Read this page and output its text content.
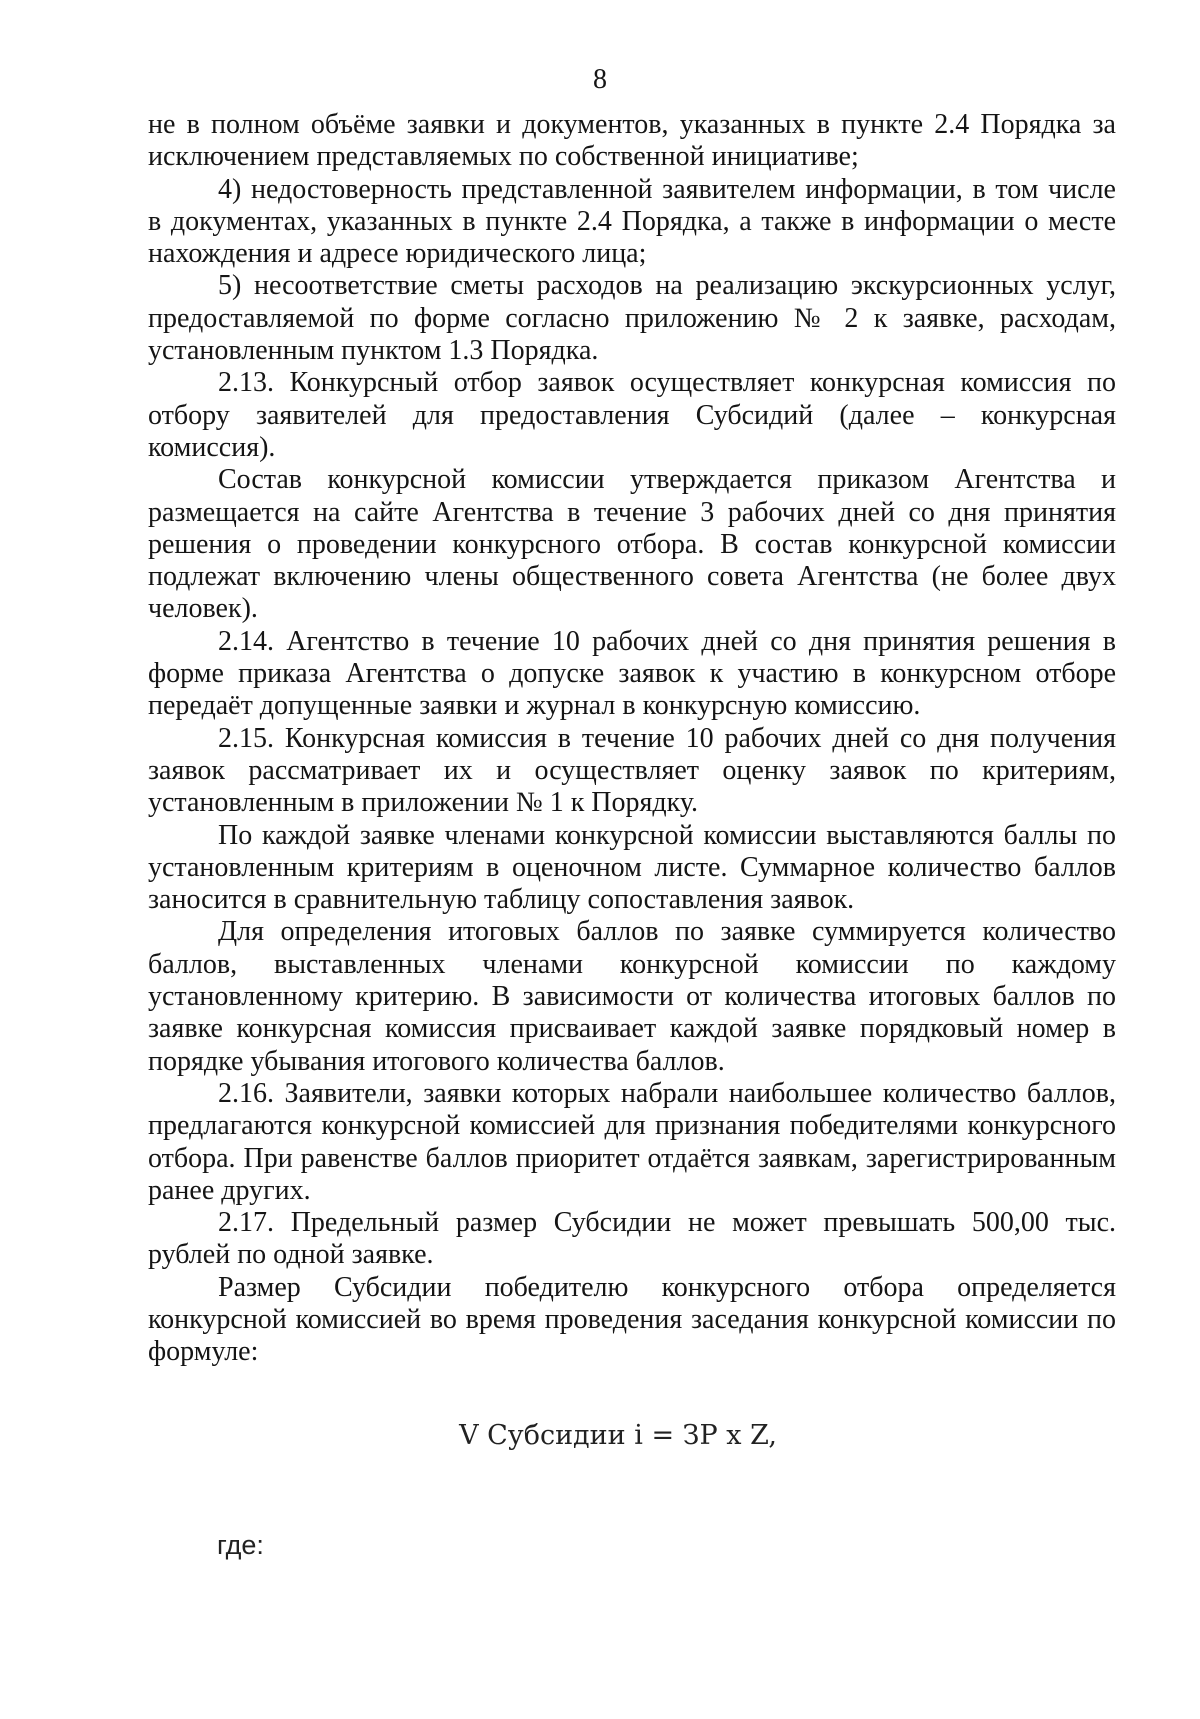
8

не в полном объёме заявки и документов, указанных в пункте 2.4 Порядка за исключением представляемых по собственной инициативе;

4) недостоверность представленной заявителем информации, в том числе в документах, указанных в пункте 2.4 Порядка, а также в информации о месте нахождения и адресе юридического лица;

5) несоответствие сметы расходов на реализацию экскурсионных услуг, предоставляемой по форме согласно приложению № 2 к заявке, расходам, установленным пунктом 1.3 Порядка.

2.13. Конкурсный отбор заявок осуществляет конкурсная комиссия по отбору заявителей для предоставления Субсидий (далее – конкурсная комиссия).

Состав конкурсной комиссии утверждается приказом Агентства и размещается на сайте Агентства в течение 3 рабочих дней со дня принятия решения о проведении конкурсного отбора. В состав конкурсной комиссии подлежат включению члены общественного совета Агентства (не более двух человек).

2.14. Агентство в течение 10 рабочих дней со дня принятия решения в форме приказа Агентства о допуске заявок к участию в конкурсном отборе передаёт допущенные заявки и журнал в конкурсную комиссию.

2.15. Конкурсная комиссия в течение 10 рабочих дней со дня получения заявок рассматривает их и осуществляет оценку заявок по критериям, установленным в приложении № 1 к Порядку.

По каждой заявке членами конкурсной комиссии выставляются баллы по установленным критериям в оценочном листе. Суммарное количество баллов заносится в сравнительную таблицу сопоставления заявок.

Для определения итоговых баллов по заявке суммируется количество баллов, выставленных членами конкурсной комиссии по каждому установленному критерию. В зависимости от количества итоговых баллов по заявке конкурсная комиссия присваивает каждой заявке порядковый номер в порядке убывания итогового количества баллов.

2.16. Заявители, заявки которых набрали наибольшее количество баллов, предлагаются конкурсной комиссией для признания победителями конкурсного отбора. При равенстве баллов приоритет отдаётся заявкам, зарегистрированным ранее других.

2.17. Предельный размер Субсидии не может превышать 500,00 тыс. рублей по одной заявке.

Размер Субсидии победителю конкурсного отбора определяется конкурсной комиссией во время проведения заседания конкурсной комиссии по формуле:

V Субсидии i = ЗP x Z,
где:
